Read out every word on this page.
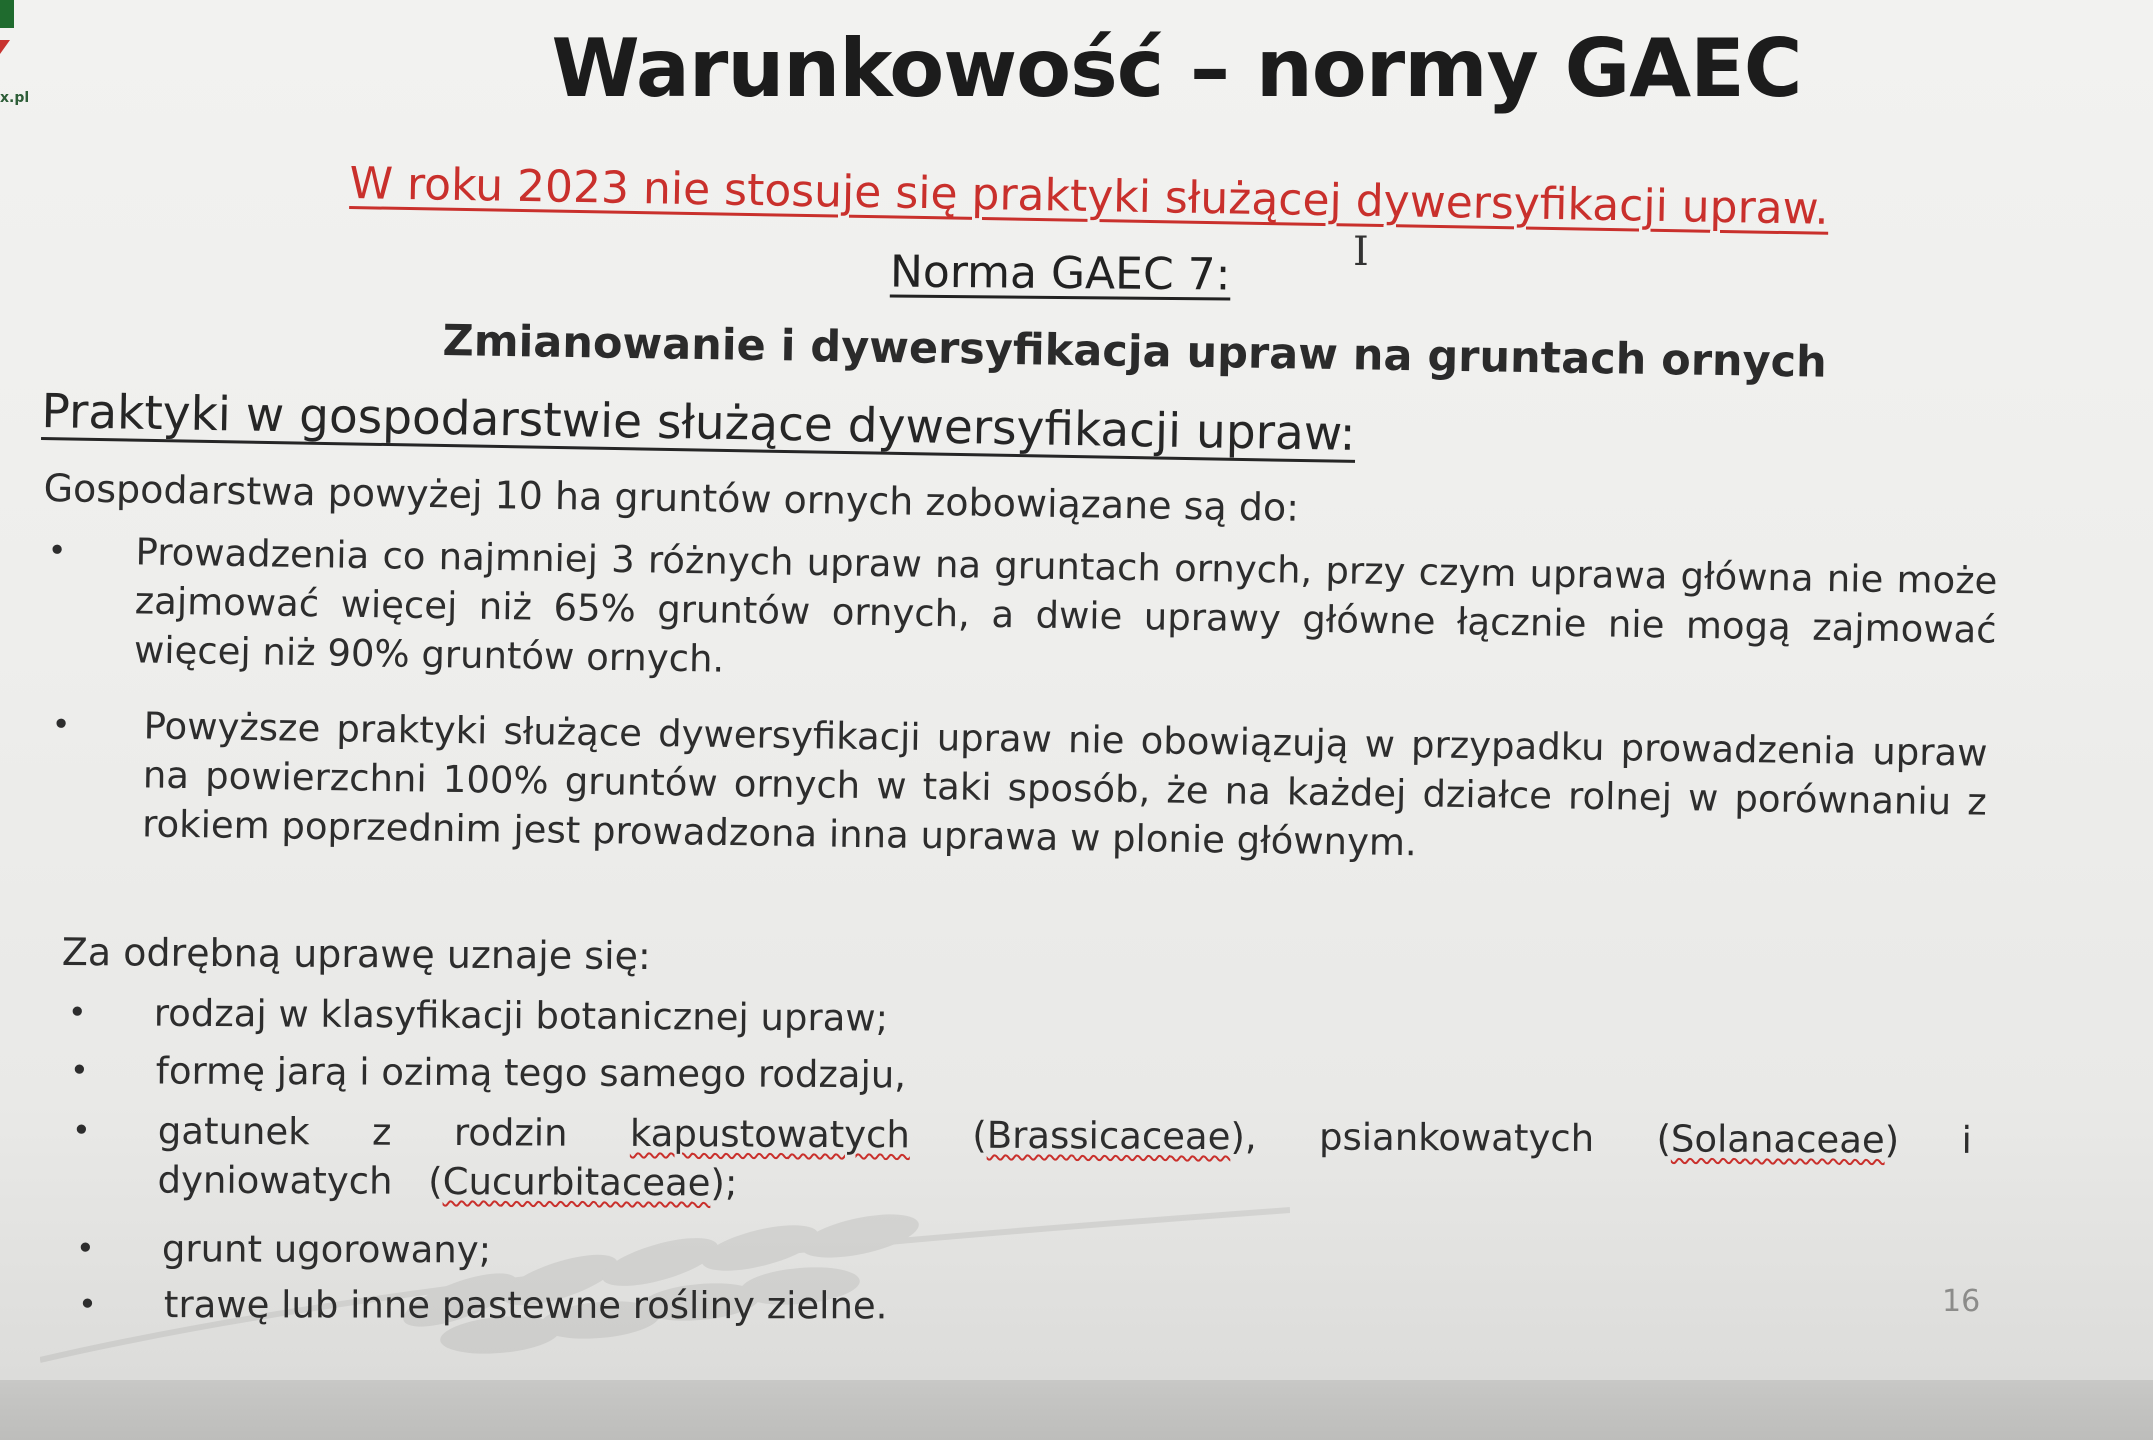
x.pl	Warunkowość – normy GAEC
W roku 2023 nie stosuje się praktyki służącej dywersyfikacji upraw.
I
Norma GAEC 7:
Zmianowanie i dywersyfikacja upraw na gruntach ornych
Praktyki w gospodarstwie służące dywersyfikacji upraw:
Gospodarstwa powyżej 10 ha gruntów ornych zobowiązane są do:
• Prowadzenia co najmniej 3 różnych upraw na gruntach ornych, przy czym uprawa główna nie może zajmować więcej niż 65% gruntów ornych, a dwie uprawy główne łącznie nie mogą zajmować więcej niż 90% gruntów ornych.
• Powyższe praktyki służące dywersyfikacji upraw nie obowiązują w przypadku prowadzenia upraw na powierzchni 100% gruntów ornych w taki sposób, że na każdej działce rolnej w porównaniu z rokiem poprzednim jest prowadzona inna uprawa w plonie głównym.
Za odrębną uprawę uznaje się:
• rodzaj w klasyfikacji botanicznej upraw;
• formę jarą i ozimą tego samego rodzaju,
• gatunek z rodzin kapustowatych (Brassicaceae), psiankowatych (Solanaceae) i dyniowatych (Cucurbitaceae);
• grunt ugorowany;
• trawę lub inne pastewne rośliny zielne.	16
